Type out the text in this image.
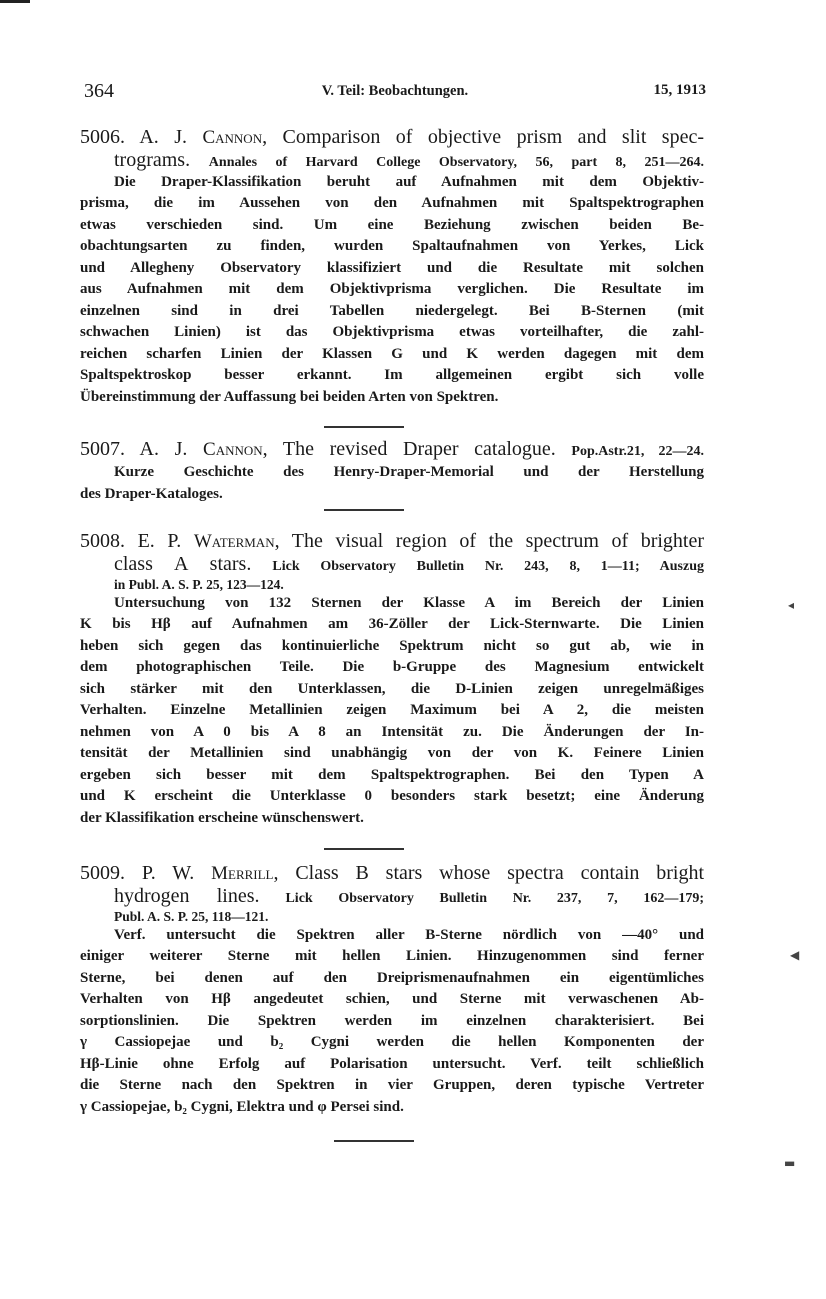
364	V. Teil: Beobachtungen.	15, 1913
5006. A. J. Cannon, Comparison of objective prism and slit spec-
trograms. Annales of Harvard College Observatory, 56, part 8, 251—264.
Die Draper-Klassifikation beruht auf Aufnahmen mit dem Objektiv-
prisma, die im Aussehen von den Aufnahmen mit Spaltspektrographen
etwas verschieden sind. Um eine Beziehung zwischen beiden Be-
obachtungsarten zu finden, wurden Spaltaufnahmen von Yerkes, Lick
und Allegheny Observatory klassifiziert und die Resultate mit solchen
aus Aufnahmen mit dem Objektivprisma verglichen. Die Resultate im
einzelnen sind in drei Tabellen niedergelegt. Bei B-Sternen (mit
schwachen Linien) ist das Objektivprisma etwas vorteilhafter, die zahl-
reichen scharfen Linien der Klassen G und K werden dagegen mit dem
Spaltspektroskop besser erkannt. Im allgemeinen ergibt sich volle
Übereinstimmung der Auffassung bei beiden Arten von Spektren.
5007. A. J. Cannon, The revised Draper catalogue. Pop.Astr.21, 22—24.
Kurze Geschichte des Henry-Draper-Memorial und der Herstellung
des Draper-Kataloges.
5008. E. P. Waterman, The visual region of the spectrum of brighter
class A stars. Lick Observatory Bulletin Nr. 243, 8, 1—11; Auszug
in Publ. A. S. P. 25, 123—124.
Untersuchung von 132 Sternen der Klasse A im Bereich der Linien
K bis Hβ auf Aufnahmen am 36-Zöller der Lick-Sternwarte. Die Linien
heben sich gegen das kontinuierliche Spektrum nicht so gut ab, wie in
dem photographischen Teile. Die b-Gruppe des Magnesium entwickelt
sich stärker mit den Unterklassen, die D-Linien zeigen unregelmäßiges
Verhalten. Einzelne Metallinien zeigen Maximum bei A 2, die meisten
nehmen von A 0 bis A 8 an Intensität zu. Die Änderungen der In-
tensität der Metallinien sind unabhängig von der von K. Feinere Linien
ergeben sich besser mit dem Spaltspektrographen. Bei den Typen A
und K erscheint die Unterklasse 0 besonders stark besetzt; eine Änderung
der Klassifikation erscheine wünschenswert.
5009. P. W. Merrill, Class B stars whose spectra contain bright
hydrogen lines. Lick Observatory Bulletin Nr. 237, 7, 162—179;
Publ. A. S. P. 25, 118—121.
Verf. untersucht die Spektren aller B-Sterne nördlich von —40° und
einiger weiterer Sterne mit hellen Linien. Hinzugenommen sind ferner
Sterne, bei denen auf den Dreiprismenaufnahmen ein eigentümliches
Verhalten von Hβ angedeutet schien, und Sterne mit verwaschenen Ab-
sorptionslinien. Die Spektren werden im einzelnen charakterisiert. Bei
γ Cassiopejae und b₂ Cygni werden die hellen Komponenten der
Hβ-Linie ohne Erfolg auf Polarisation untersucht. Verf. teilt schließlich
die Sterne nach den Spektren in vier Gruppen, deren typische Vertreter
γ Cassiopejae, b₂ Cygni, Elektra und φ Persei sind.
◂
◀
▬
